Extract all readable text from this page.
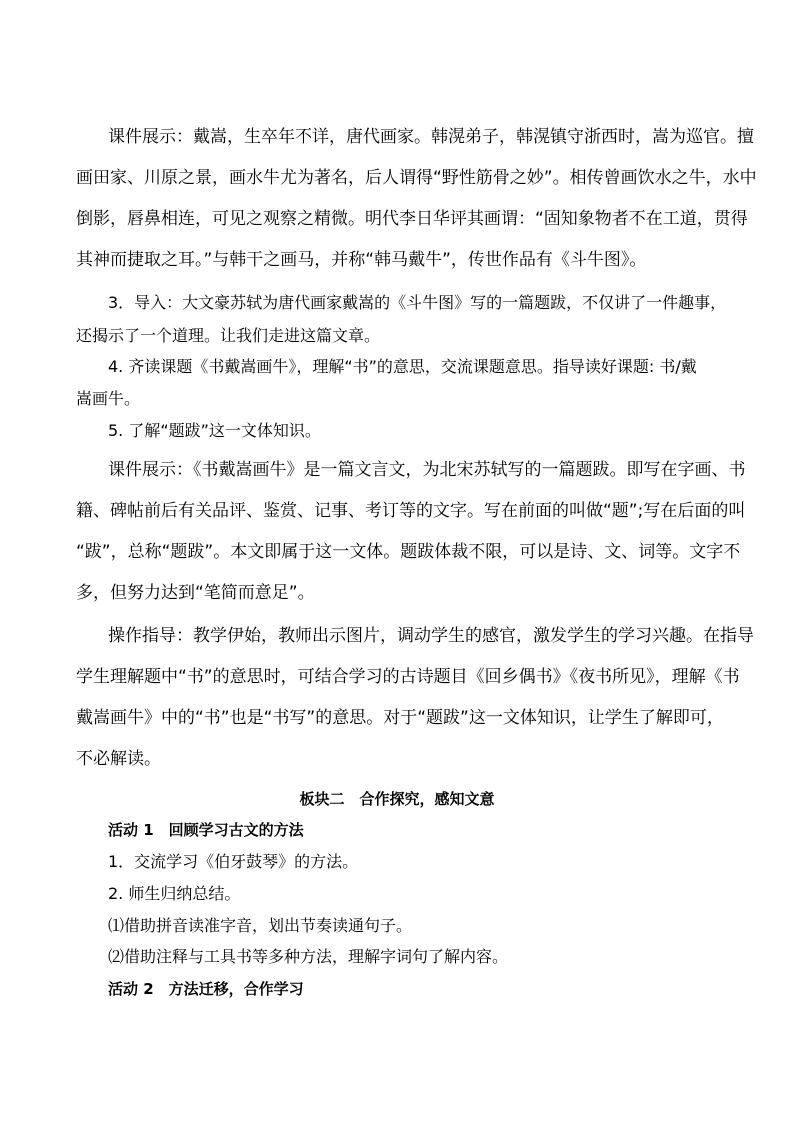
课件展示：戴嵩，生卒年不详，唐代画家。韩滉弟子，韩滉镇守浙西时，嵩为巡官。擅
画田家、川原之景，画水牛尤为著名，后人谓得“野性筋骨之妙”。相传曾画饮水之牛，水中
倒影，唇鼻相连，可见之观察之精微。明代李日华评其画谓：“固知象物者不在工道，贯得
其神而捷取之耳。”与韩干之画马，并称“韩马戴牛”，传世作品有《斗牛图》。
3．导入：大文豪苏轼为唐代画家戴嵩的《斗牛图》写的一篇题跋，不仅讲了一件趣事，
还揭示了一个道理。让我们走进这篇文章。
4. 齐读课题《书戴嵩画牛》，理解“书”的意思，交流课题意思。指导读好课题: 书/戴
嵩画牛。
5. 了解“题跋”这一文体知识。
课件展示：《书戴嵩画牛》是一篇文言文，为北宋苏轼写的一篇题跋。即写在字画、书
籍、碑帖前后有关品评、鉴赏、记事、考订等的文字。写在前面的叫做“题”;写在后面的叫
“跋”，总称“题跋”。本文即属于这一文体。题跋体裁不限，可以是诗、文、词等。文字不
多，但努力达到“笔简而意足”。
操作指导：教学伊始，教师出示图片，调动学生的感官，激发学生的学习兴趣。在指导
学生理解题中“书”的意思时，可结合学习的古诗题目《回乡偶书》《夜书所见》，理解《书
戴嵩画牛》中的“书”也是“书写”的意思。对于“题跋”这一文体知识，让学生了解即可，
不必解读。
板块二　合作探究，感知文意
活动 1　回顾学习古文的方法
1．交流学习《伯牙鼓琴》的方法。
2. 师生归纳总结。
⑴借助拼音读准字音，划出节奏读通句子。
⑵借助注释与工具书等多种方法，理解字词句了解内容。
活动 2　方法迁移，合作学习
